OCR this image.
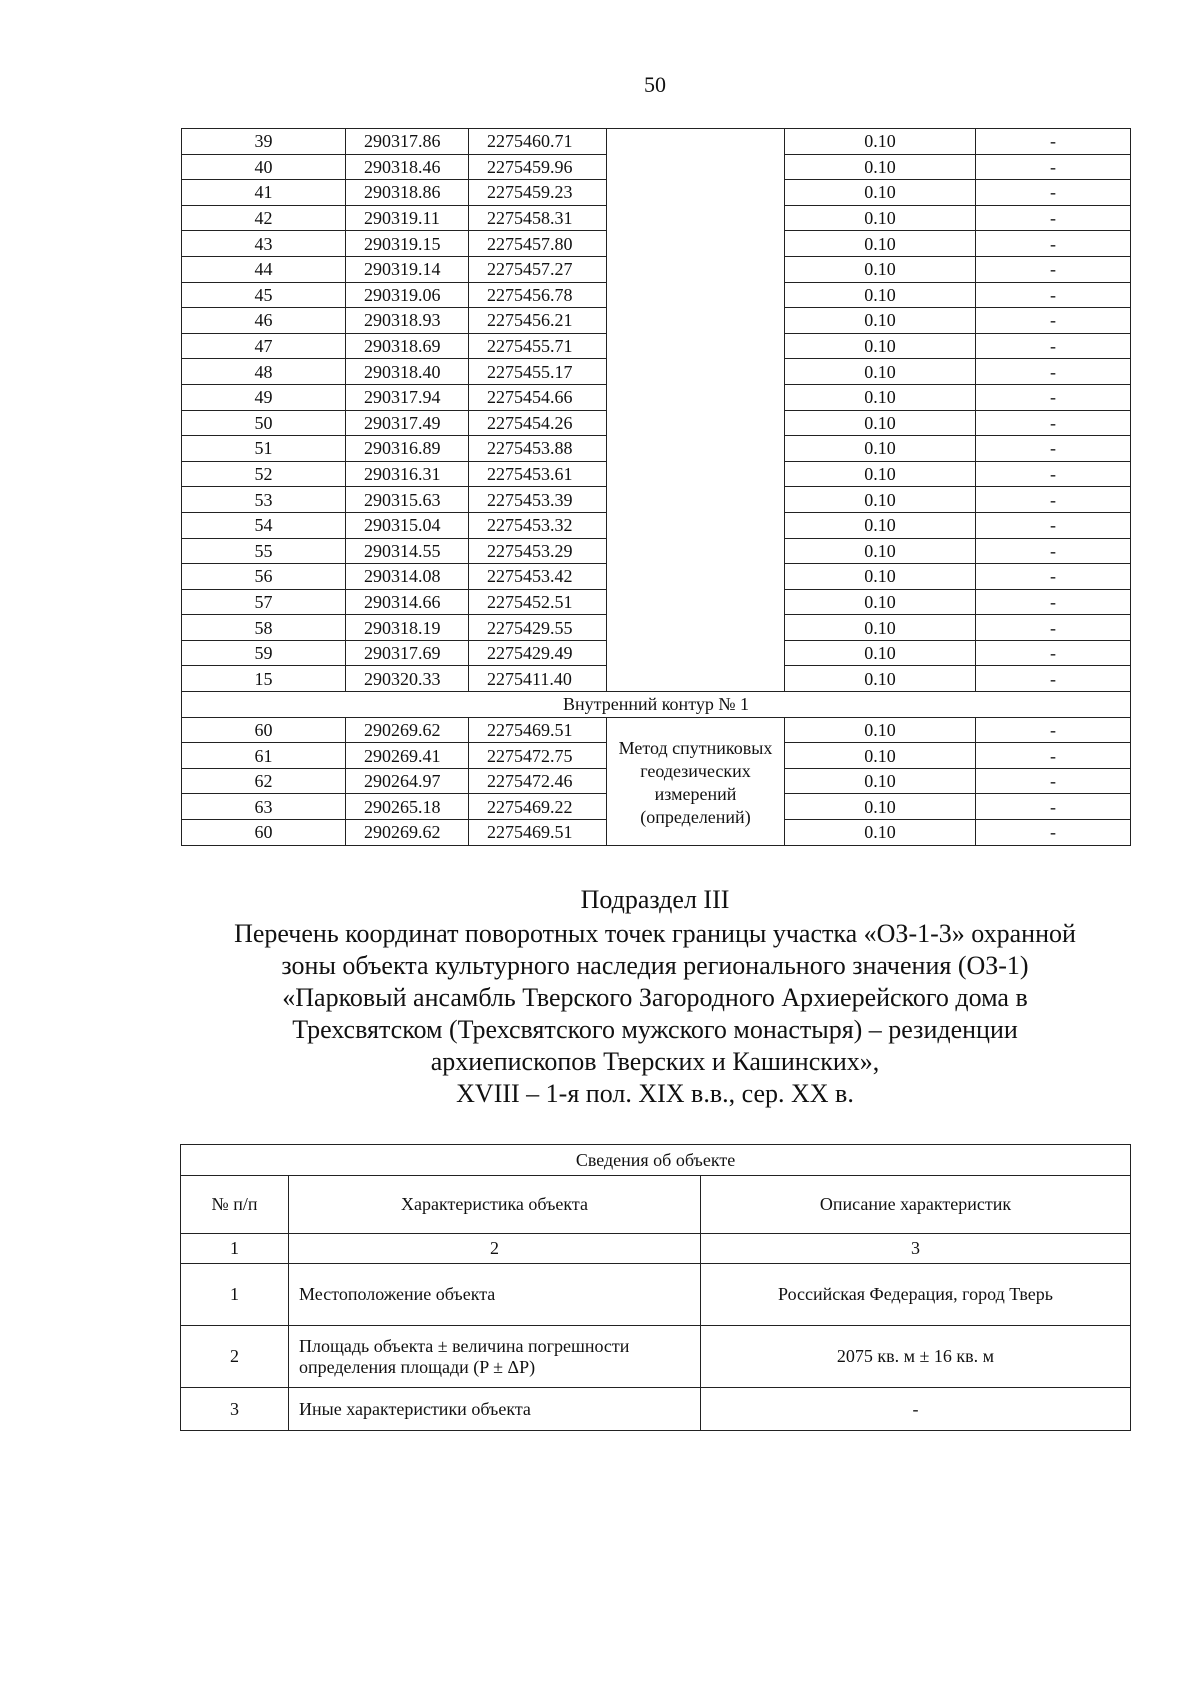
50
39	290317.86	2275460.71		0.10	-
40	290318.46	2275459.96		0.10	-
41	290318.86	2275459.23		0.10	-
42	290319.11	2275458.31		0.10	-
43	290319.15	2275457.80		0.10	-
44	290319.14	2275457.27		0.10	-
45	290319.06	2275456.78		0.10	-
46	290318.93	2275456.21		0.10	-
47	290318.69	2275455.71		0.10	-
48	290318.40	2275455.17		0.10	-
49	290317.94	2275454.66		0.10	-
50	290317.49	2275454.26		0.10	-
51	290316.89	2275453.88		0.10	-
52	290316.31	2275453.61		0.10	-
53	290315.63	2275453.39		0.10	-
54	290315.04	2275453.32		0.10	-
55	290314.55	2275453.29		0.10	-
56	290314.08	2275453.42		0.10	-
57	290314.66	2275452.51		0.10	-
58	290318.19	2275429.55		0.10	-
59	290317.69	2275429.49		0.10	-
15	290320.33	2275411.40		0.10	-
Внутренний контур № 1					
60	290269.62	2275469.51	Метод спутниковых геодезических измерений (определений)	0.10	-
61	290269.41	2275472.75		0.10	-
62	290264.97	2275472.46		0.10	-
63	290265.18	2275469.22		0.10	-
60	290269.62	2275469.51		0.10	-
Подраздел III
Перечень координат поворотных точек границы участка «ОЗ-1-3» охранной
зоны объекта культурного наследия регионального значения (ОЗ-1)
«Парковый ансамбль Тверского Загородного Архиерейского дома в
Трехсвятском (Трехсвятского мужского монастыря) – резиденции
архиепископов Тверских и Кашинских»,
XVIII – 1-я пол. XIX в.в., сер. XX в.
Сведения об объекте		
№ п/п	Характеристика объекта	Описание характеристик
1	2	3
1	Местоположение объекта	Российская Федерация, город Тверь
2	Площадь объекта ± величина погрешности определения площади (P ± ΔP)	2075 кв. м ± 16 кв. м
3	Иные характеристики объекта	-
